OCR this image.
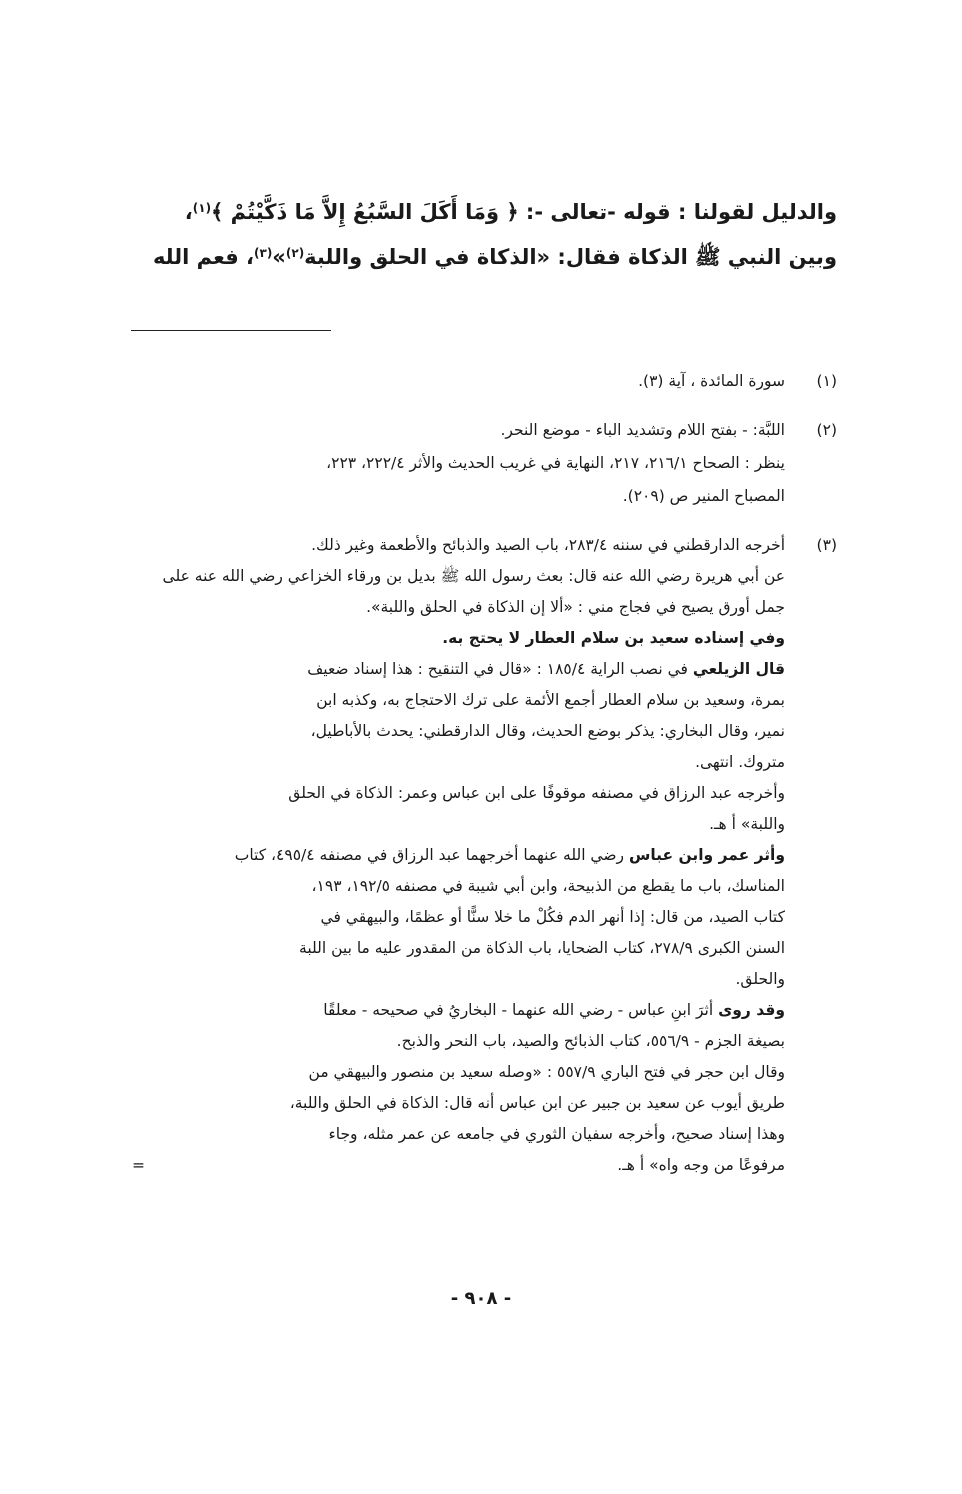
والدليل لقولنا : قوله -تعالى -: ﴿ وَمَا أَكَلَ السَّبُعُ إِلاَّ مَا ذَكَّيْتُمْ ﴾$^{(١)}$،
وبين النبي ﷺ الذكاة فقال: «الذكاة في الحلق واللبة$^{(٢)}$»$^{(٣)}$، فعم الله
(١)
سورة المائدة ، آية (٣).
(٢)
اللبَّة: - بفتح اللام وتشديد الباء - موضع النحر.
ينظر : الصحاح ٢١٦/١، ٢١٧، النهاية في غريب الحديث والأثر ٢٢٢/٤، ٢٢٣،
المصباح المنير ص (٢٠٩).
(٣)
أخرجه الدارقطني في سننه ٢٨٣/٤، باب الصيد والذبائح والأطعمة وغير ذلك.
عن أبي هريرة رضي الله عنه قال: بعث رسول الله ﷺ بديل بن ورقاء الخزاعي رضي الله عنه على
جمل أورق يصيح في فجاج مني : «ألا إن الذكاة في الحلق واللبة».
وفي إسناده سعيد بن سلام العطار لا يحتج به.
قال الزيلعي في نصب الراية ١٨٥/٤ : «قال في التنقيح : هذا إسناد ضعيف
بمرة، وسعيد بن سلام العطار أجمع الأئمة على ترك الاحتجاج به، وكذبه ابن
نمير، وقال البخاري: يذكر بوضع الحديث، وقال الدارقطني: يحدث بالأباطيل،
متروك. انتهى.
وأخرجه عبد الرزاق في مصنفه موقوفًا على ابن عباس وعمر: الذكاة في الحلق
واللبة» أ هـ.
وأثر عمر وابن عباس رضي الله عنهما أخرجهما عبد الرزاق في مصنفه ٤٩٥/٤، كتاب
المناسك، باب ما يقطع من الذبيحة، وابن أبي شيبة في مصنفه ١٩٢/٥، ١٩٣،
كتاب الصيد، من قال: إذا أنهر الدم فكُلْ ما خلا سنًّا أو عظمًا، والبيهقي في
السنن الكبرى ٢٧٨/٩، كتاب الضحايا، باب الذكاة من المقدور عليه ما بين اللبة
والحلق.
وقد روى أثرَ ابنِ عباس - رضي الله عنهما - البخاريُ في صحيحه - معلقًا
بصيغة الجزم - ٥٥٦/٩، كتاب الذبائح والصيد، باب النحر والذبح.
وقال ابن حجر في فتح الباري ٥٥٧/٩ : «وصله سعيد بن منصور والبيهقي من
طريق أيوب عن سعيد بن جبير عن ابن عباس أنه قال: الذكاة في الحلق واللبة،
وهذا إسناد صحيح، وأخرجه سفيان الثوري في جامعه عن عمر مثله، وجاء
مرفوعًا من وجه واه» أ هـ.
=
- ٩٠٨ -
